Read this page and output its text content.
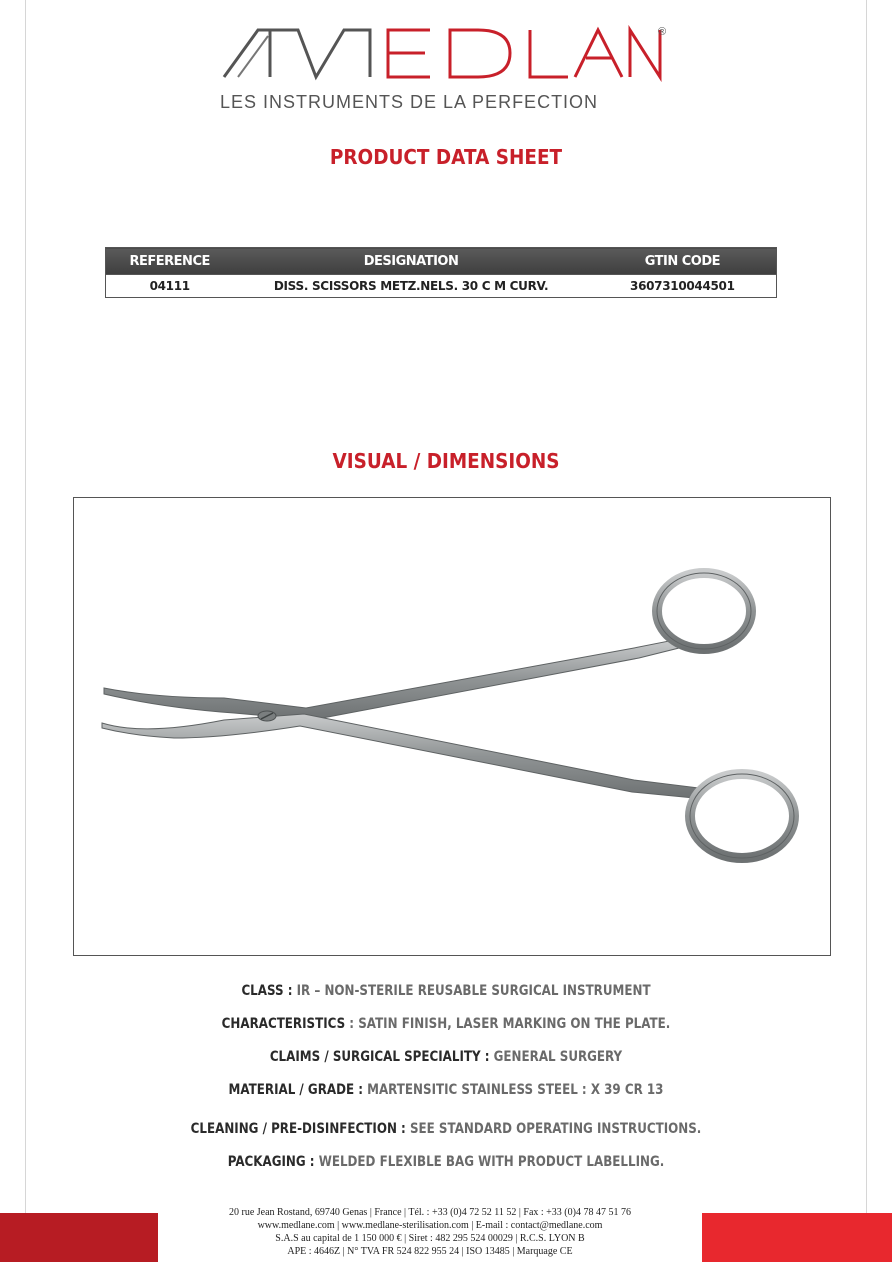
®
LES INSTRUMENTS DE LA PERFECTION
PRODUCT DATA SHEET
REFERENCE	DESIGNATION	GTIN CODE
04111	DISS. SCISSORS METZ.NELS. 30 C M CURV.	3607310044501
VISUAL / DIMENSIONS
CLASS : IR – NON-STERILE REUSABLE SURGICAL INSTRUMENT
CHARACTERISTICS : SATIN FINISH, LASER MARKING ON THE PLATE.
CLAIMS / SURGICAL SPECIALITY : GENERAL SURGERY
MATERIAL / GRADE : MARTENSITIC STAINLESS STEEL : X 39 CR 13
CLEANING / PRE-DISINFECTION : SEE STANDARD OPERATING INSTRUCTIONS.
PACKAGING : WELDED FLEXIBLE BAG WITH PRODUCT LABELLING.
20 rue Jean Rostand, 69740 Genas | France | Tél. : +33 (0)4 72 52 11 52 | Fax : +33 (0)4 78 47 51 76
www.medlane.com | www.medlane-sterilisation.com | E-mail : contact@medlane.com
S.A.S au capital de 1 150 000 € | Siret : 482 295 524 00029 | R.C.S. LYON B
APE : 4646Z | N° TVA FR 524 822 955 24 | ISO 13485 | Marquage CE
